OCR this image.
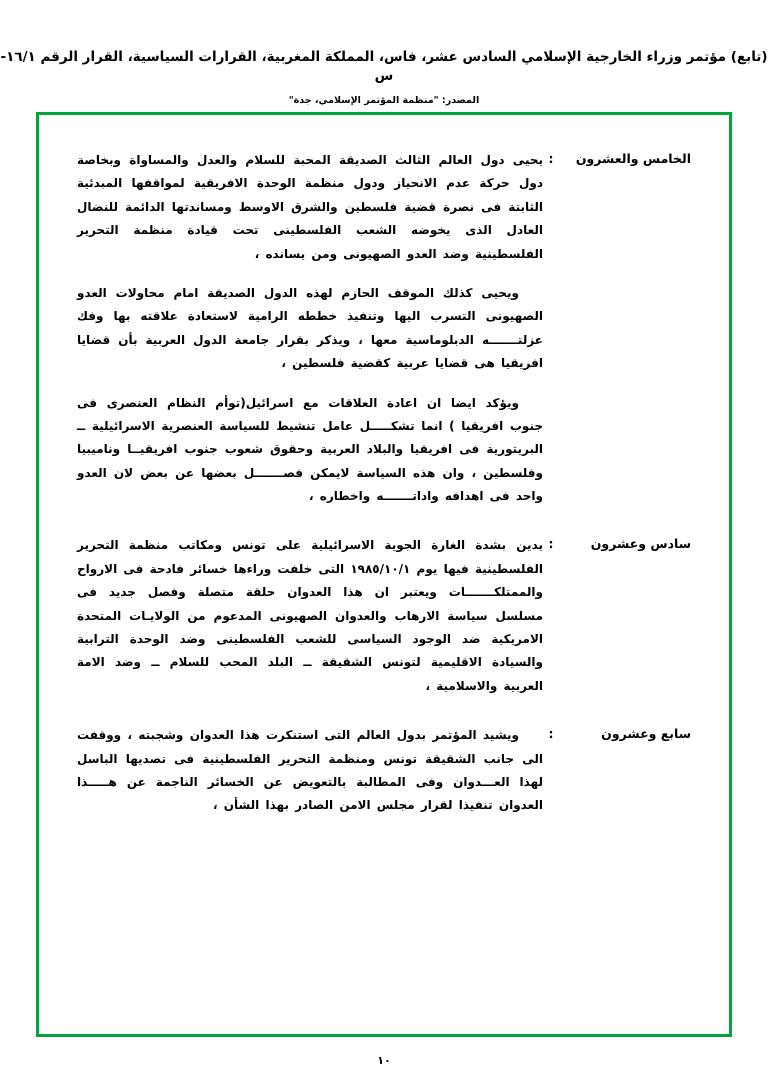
(تابع) مؤتمر وزراء الخارجية الإسلامي السادس عشر، فاس، المملكة المغربية، القرارات السياسية، القرار الرقم ١٦/١-س
المصدر: "منظمة المؤتمر الإسلامي، جدة"
الخامس والعشرون
:

يحيى دول العالم الثالث الصديقة المحبة للسلام والعدل والمساواة وبخاصة دول حركة عدم الانحياز ودول منظمة الوحدة الافريقية لمواقفها المبدئية الثابتة فى نصرة قضية فلسطين والشرق الاوسط ومساندتها الدائمة للنضال العادل الذى يخوضه الشعب الفلسطينى تحت قيادة منظمة التحرير الفلسطينية وضد العدو الصهيونى ومن يسانده ،

ويحيى كذلك الموقف الحازم لهذه الدول الصديقة امام محاولات العدو الصهيونى التسرب اليها وتنفيذ خططه الرامية لاستعادة علاقته بها وفك عزلتـــــــه الدبلوماسية معها ، ويذكر بقرار جامعة الدول العربية بأن قضايا افريقيا هى قضايا عربية كقضية فلسطين ،

ويؤكد ايضا ان اعادة العلاقات مع اسرائيل(توأم النظام العنصرى فى جنوب افريقيا ) انما تشكـــــل عامل تنشيط للسياسة العنصرية الاسرائيلية ــ البريتورية فى افريقيا والبلاد العربية وحقوق شعوب جنوب افريقيــا وناميبيا وفلسطين ، وان هذه السياسة لايمكن فصـــــــل بعضها عن بعض لان العدو واحد فى اهدافه واداتـــــــه واخطاره ،

سادس وعشرون
:

يدين بشدة الغارة الجوية الاسرائيلية على تونس ومكاتب منظمة التحرير الفلسطينية فيها يوم ١٩٨٥/١٠/١ التى خلفت وراءها خسائر فادحة فى الارواح والممتلكـــــــات ويعتبر ان هذا العدوان حلقة متصلة وفصل جديد فى مسلسل سياسة الارهاب والعدوان الصهيونى المدعوم من الولايـات المتحدة الامريكية ضد الوجود السياسى للشعب الفلسطينى وضد الوحدة الترابية والسيادة الاقليمية لتونس الشقيقة ــ البلد المحب للسلام ــ وضد الامة العربية والاسلامية ،

سابع وعشرون
:

ويشيد المؤتمر بدول العالم التى استنكرت هذا العدوان وشجبته ، ووقفت الى جانب الشقيقة تونس ومنظمة التحرير الفلسطينية فى تصديها الباسل لهذا العـــدوان وفى المطالبة بالتعويض عن الخسائر الناجمة عن هـــــذا العدوان تنفيذا لقرار مجلس الامن الصادر بهذا الشأن ،

١٠
